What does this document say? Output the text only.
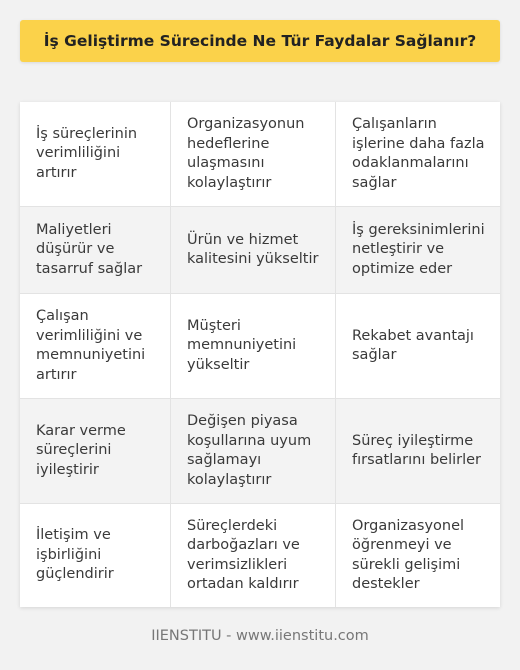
İş Geliştirme Sürecinde Ne Tür Faydalar Sağlanır?
İş süreçlerinin verimliliğini artırır
Organizasyonun hedeflerine ulaşmasını kolaylaştırır
Çalışanların işlerine daha fazla odaklanmalarını sağlar
Maliyetleri düşürür ve tasarruf sağlar
Ürün ve hizmet kalitesini yükseltir
İş gereksinimlerini netleştirir ve optimize eder
Çalışan verimliliğini ve memnuniyetini artırır
Müşteri memnuniyetini yükseltir
Rekabet avantajı sağlar
Karar verme süreçlerini iyileştirir
Değişen piyasa koşullarına uyum sağlamayı kolaylaştırır
Süreç iyileştirme fırsatlarını belirler
İletişim ve işbirliğini güçlendirir
Süreçlerdeki darboğazları ve verimsizlikleri ortadan kaldırır
Organizasyonel öğrenmeyi ve sürekli gelişimi destekler
IIENSTITU - www.iienstitu.com
